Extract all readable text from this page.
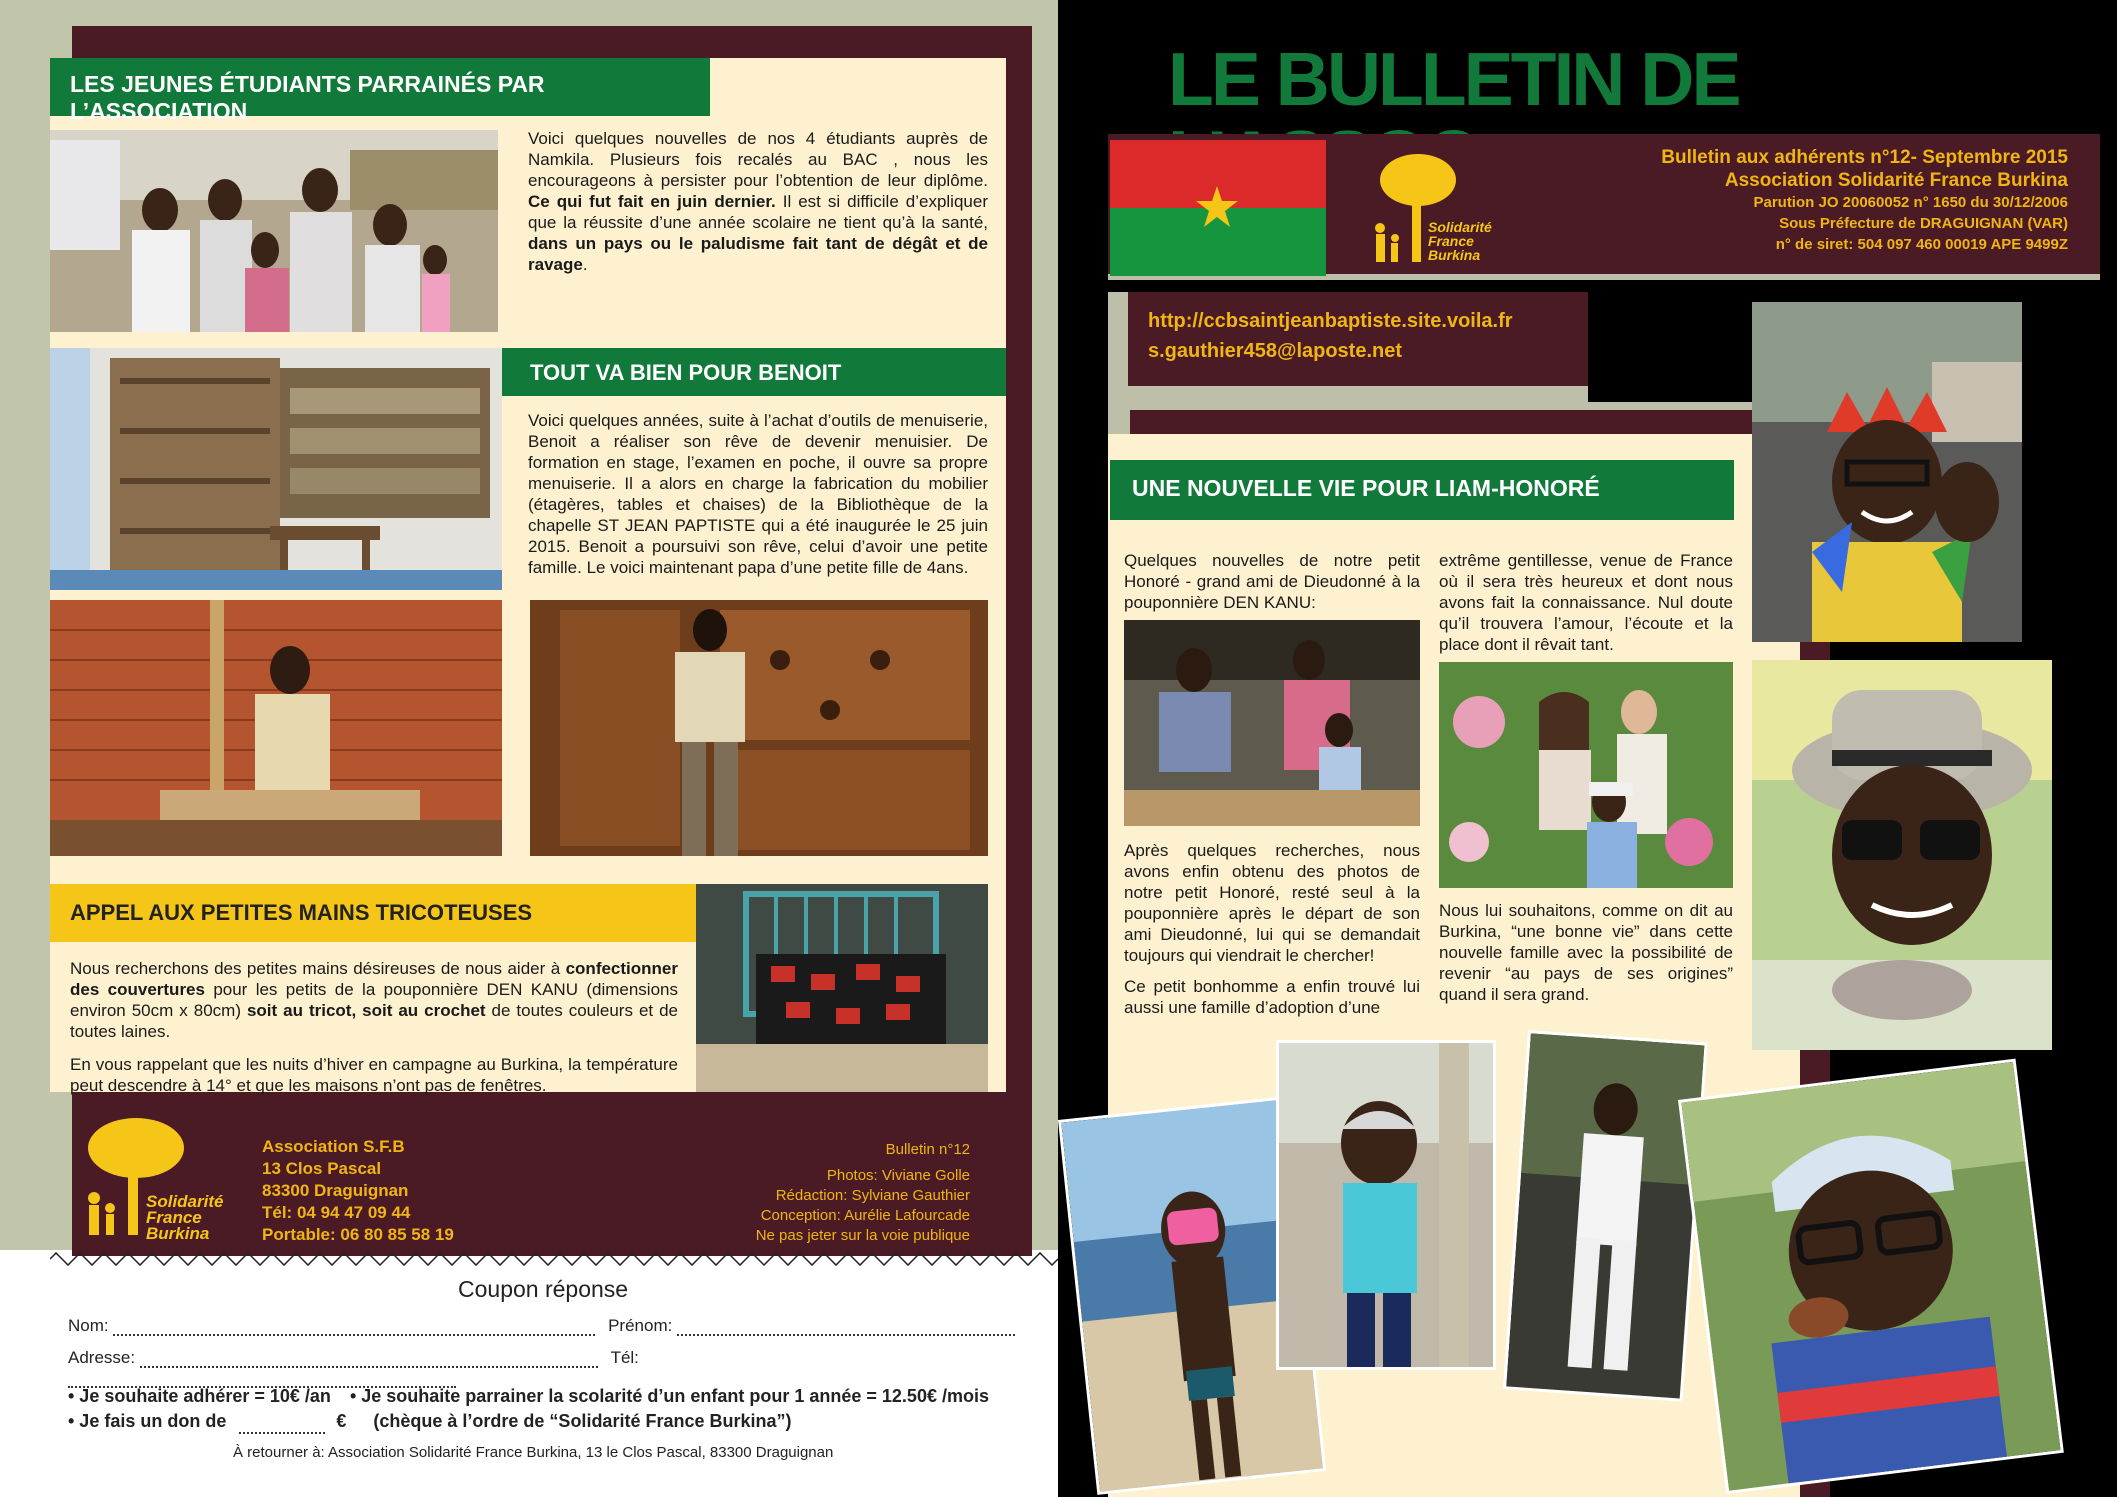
LES JEUNES ÉTUDIANTS PARRAINÉS PAR L’ASSOCIATION
Voici quelques nouvelles de nos 4 étudiants auprès de Namkila. Plusieurs fois recalés au BAC , nous les encourageons à persister pour l’obtention de leur diplôme. Ce qui fut fait en juin dernier. Il est si difficile d’expliquer que la réussite d’une année scolaire ne tient qu’à la santé, dans un pays ou le paludisme fait tant de dégât et de ravage.
TOUT VA BIEN POUR BENOIT
Voici quelques années, suite à l’achat d’outils de menuiserie, Benoit a réaliser son rêve de devenir menuisier. De formation en stage, l’examen en poche, il ouvre sa propre menuiserie. Il a alors en charge la fabrication du mobilier (étagères, tables et chaises) de la Bibliothèque de la chapelle ST JEAN PAPTISTE qui a été inaugurée le 25 juin 2015. Benoit a poursuivi son rêve, celui d’avoir une petite famille. Le voici maintenant papa d’une petite fille de 4ans.
APPEL AUX PETITES MAINS TRICOTEUSES

Nous recherchons des petites mains désireuses de nous aider à confectionner des couvertures pour les petits de la pouponnière DEN KANU (dimensions environ 50cm x 80cm) soit au tricot, soit au crochet de toutes couleurs et de toutes laines.

En vous rappelant que les nuits d’hiver en campagne au Burkina, la température peut descendre à 14° et que les maisons n’ont pas de fenêtres.

Solidarité
France
Burkina
Association S.F.B
13 Clos Pascal
83300 Draguignan
Tél: 04 94 47 09 44
Portable: 06 80 85 58 19
Bulletin n°12
Photos: Viviane Golle
Rédaction: Sylviane Gauthier
Conception: Aurélie Lafourcade
Ne pas jeter sur la voie publique
Coupon réponse
Nom:	Prénom:
Adresse:	Tél:
• Je souhaite adhérer = 10€ /an • Je souhaite parrainer la scolarité d’un enfant pour 1 année = 12.50€ /mois
• Je fais un don de	€ (chèque à l’ordre de “Solidarité France Burkina”)
À retourner à: Association Solidarité France Burkina, 13 le Clos Pascal, 83300 Draguignan
LE BULLETIN DE
Solidarité
France
Burkina
Bulletin aux adhérents n°12- Septembre 2015
Association Solidarité France Burkina
Parution JO 20060052 n° 1650 du 30/12/2006
Sous Préfecture de DRAGUIGNAN (VAR)
n° de siret: 504 097 460 00019 APE 9499Z
http://ccbsaintjeanbaptiste.site.voila.fr
s.gauthier458@laposte.net
UNE NOUVELLE VIE POUR LIAM-HONORÉ
Quelques nouvelles de notre petit Honoré - grand ami de Dieudonné à la pouponnière DEN KANU:

Après quelques recherches, nous avons enfin obtenu des photos de notre petit Honoré, resté seul à la pouponnière après le départ de son ami Dieudonné, lui qui se demandait toujours qui viendrait le chercher!

Ce petit bonhomme a enfin trouvé lui aussi une famille d’adoption d’une

extrême gentillesse, venue de France où il sera très heureux et dont nous avons fait la connaissance. Nul doute qu’il trouvera l’amour, l’écoute et la place dont il rêvait tant.
Nous lui souhaitons, comme on dit au Burkina, “une bonne vie” dans cette nouvelle famille avec la possibilité de revenir “au pays de ses origines” quand il sera grand.
